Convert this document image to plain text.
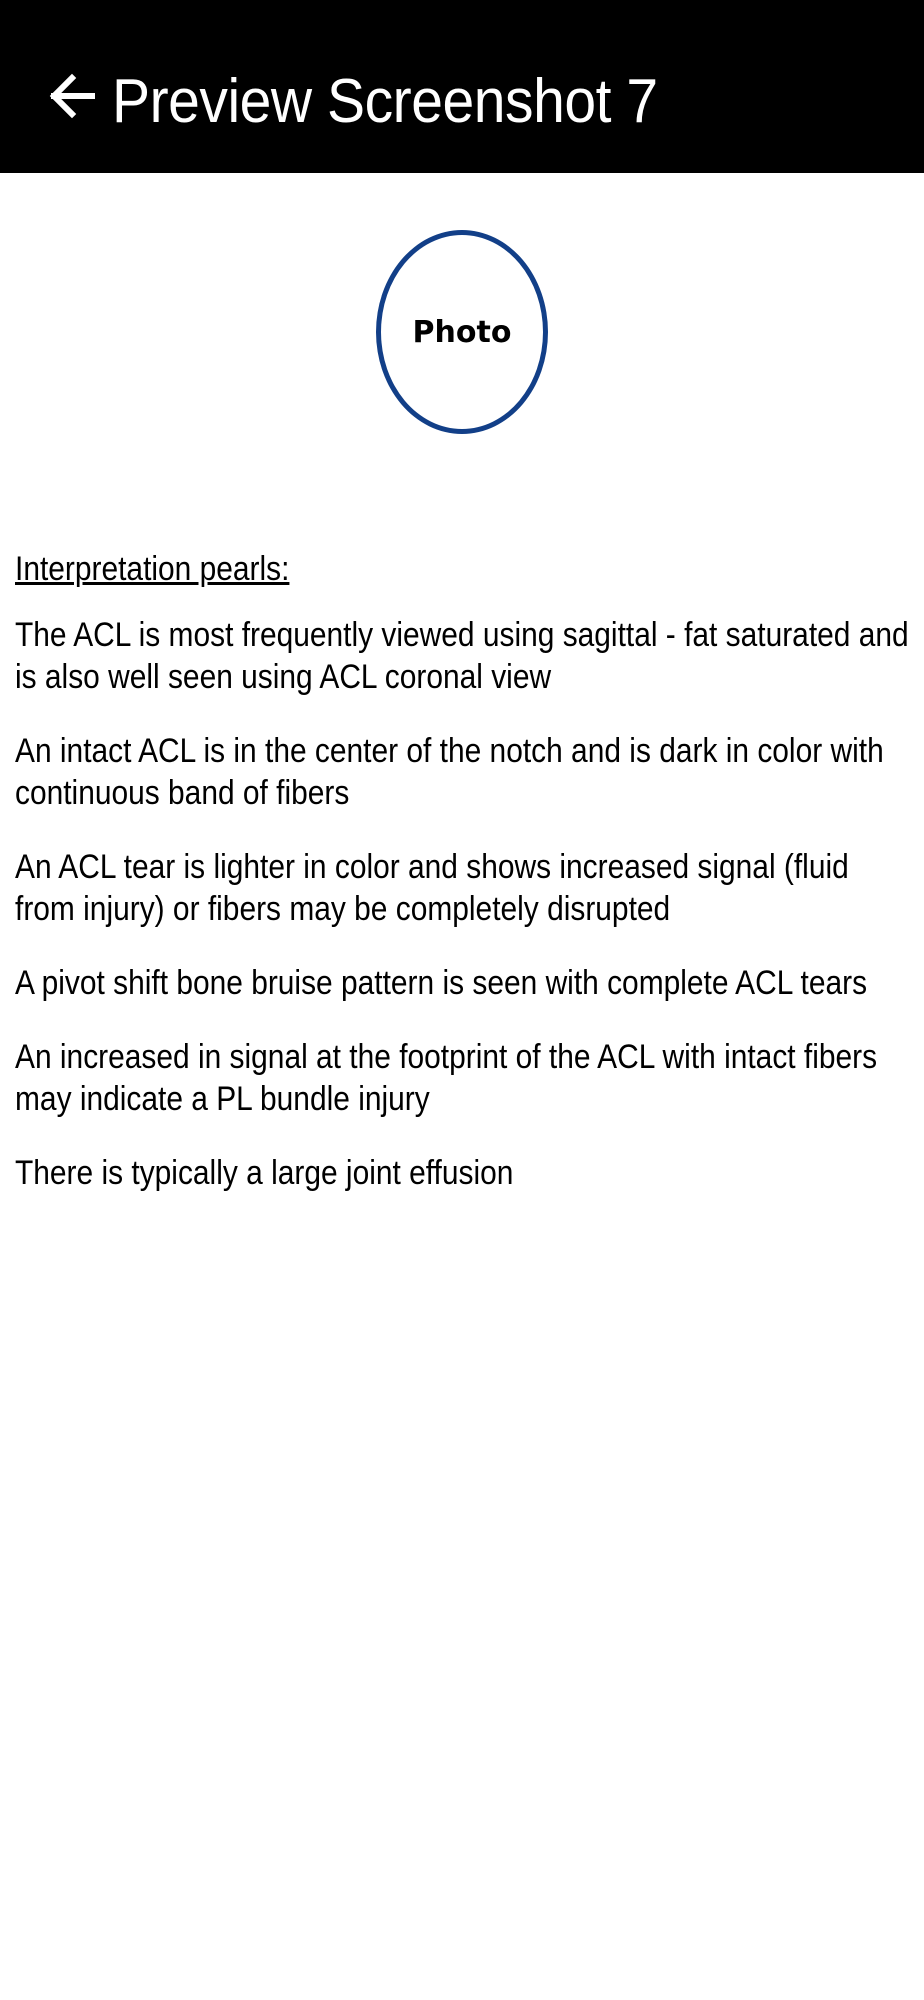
Preview Screenshot 7
Photo
Interpretation pearls:

The ACL is most frequently viewed using sagittal - fat saturated and is also well seen using ACL coronal view

An intact ACL is in the center of the notch and is dark in color with continuous band of fibers

An ACL tear is lighter in color and shows increased signal (fluid from injury) or fibers may be completely disrupted

A pivot shift bone bruise pattern is seen with complete ACL tears

An increased in signal at the footprint of the ACL with intact fibers may indicate a PL bundle injury

There is typically a large joint effusion
